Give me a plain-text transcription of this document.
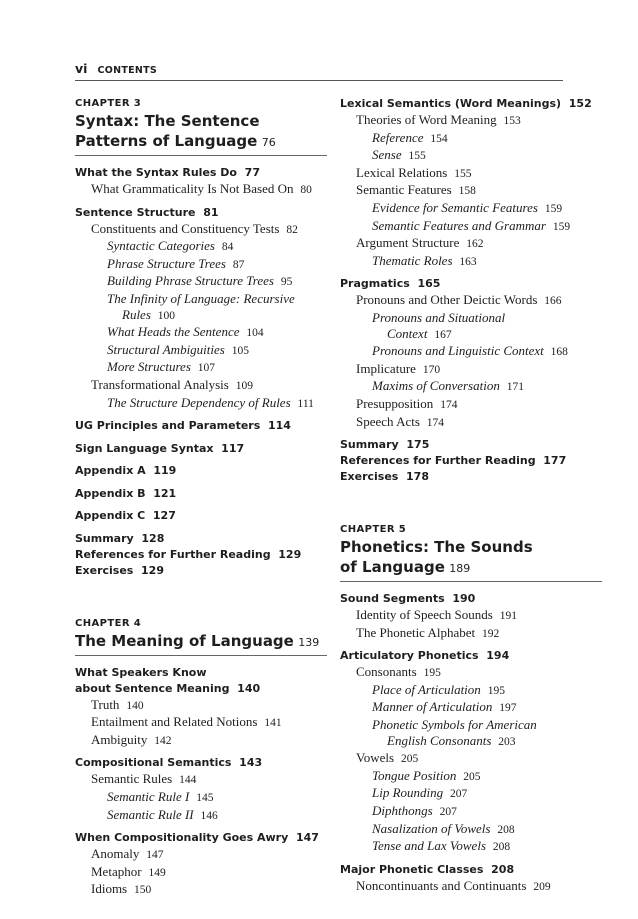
vi CONTENTS
CHAPTER 3
Syntax: The Sentence
Patterns of Language 76
What the Syntax Rules Do 77
What Grammaticality Is Not Based On 80
Sentence Structure 81
Constituents and Constituency Tests 82
Syntactic Categories 84
Phrase Structure Trees 87
Building Phrase Structure Trees 95
The Infinity of Language: Recursive
Rules 100
What Heads the Sentence 104
Structural Ambiguities 105
More Structures 107
Transformational Analysis 109
The Structure Dependency of Rules 111
UG Principles and Parameters 114
Sign Language Syntax 117
Appendix A 119
Appendix B 121
Appendix C 127
Summary 128
References for Further Reading 129
Exercises 129
CHAPTER 4
The Meaning of Language 139
What Speakers Know
about Sentence Meaning 140
Truth 140
Entailment and Related Notions 141
Ambiguity 142
Compositional Semantics 143
Semantic Rules 144
Semantic Rule I 145
Semantic Rule II 146
When Compositionality Goes Awry 147
Anomaly 147
Metaphor 149
Idioms 150
Lexical Semantics (Word Meanings) 152
Theories of Word Meaning 153
Reference 154
Sense 155
Lexical Relations 155
Semantic Features 158
Evidence for Semantic Features 159
Semantic Features and Grammar 159
Argument Structure 162
Thematic Roles 163
Pragmatics 165
Pronouns and Other Deictic Words 166
Pronouns and Situational
Context 167
Pronouns and Linguistic Context 168
Implicature 170
Maxims of Conversation 171
Presupposition 174
Speech Acts 174
Summary 175
References for Further Reading 177
Exercises 178
CHAPTER 5
Phonetics: The Sounds
of Language 189
Sound Segments 190
Identity of Speech Sounds 191
The Phonetic Alphabet 192
Articulatory Phonetics 194
Consonants 195
Place of Articulation 195
Manner of Articulation 197
Phonetic Symbols for American
English Consonants 203
Vowels 205
Tongue Position 205
Lip Rounding 207
Diphthongs 207
Nasalization of Vowels 208
Tense and Lax Vowels 208
Major Phonetic Classes 208
Noncontinuants and Continuants 209
